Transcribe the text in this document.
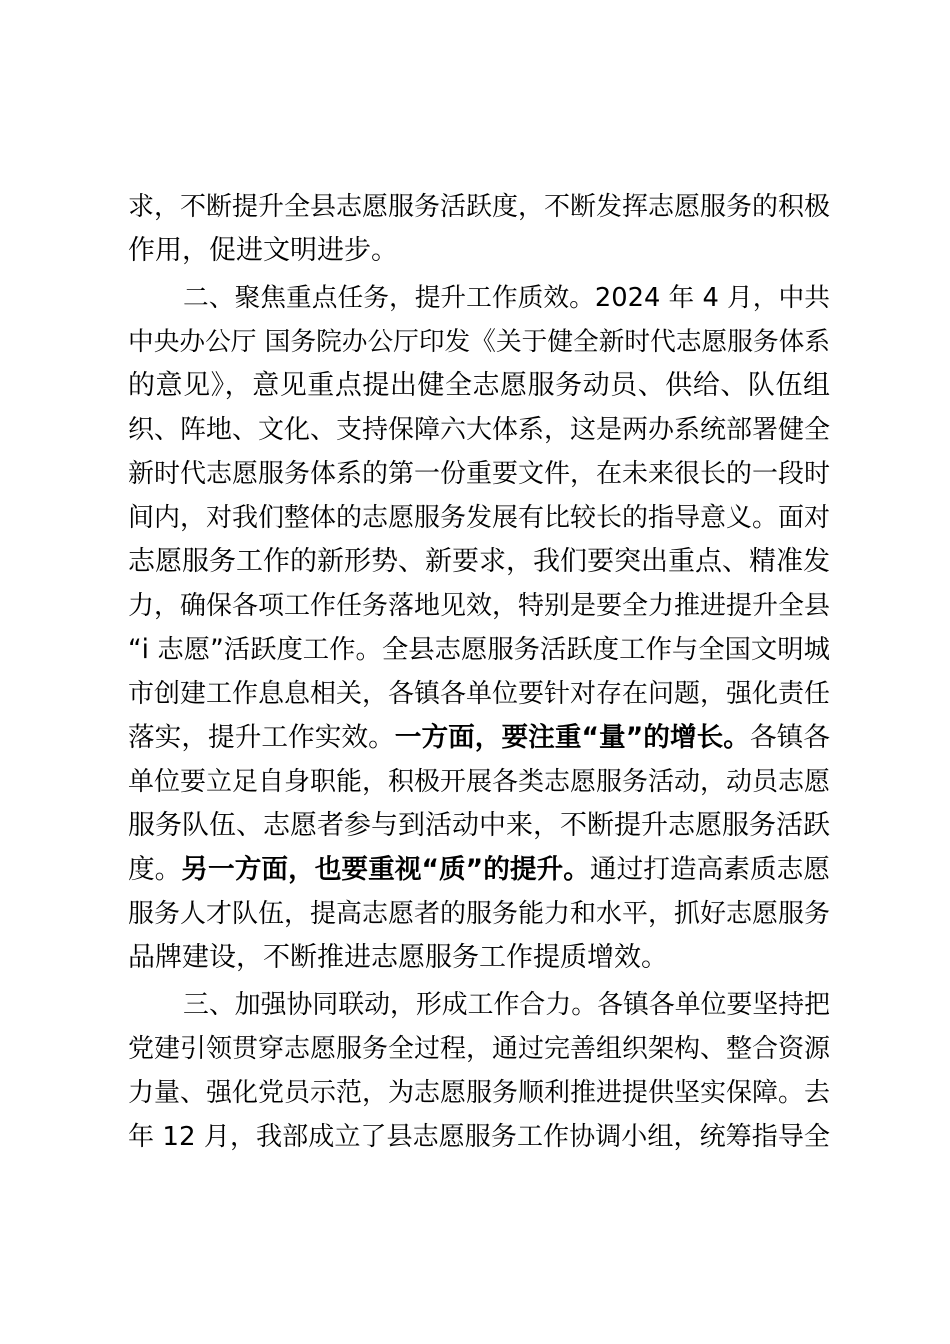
求，不断提升全县志愿服务活跃度，不断发挥志愿服务的积极
作用，促进文明进步。
二、聚焦重点任务，提升工作质效。2024 年 4 月，中共
中央办公厅 国务院办公厅印发《关于健全新时代志愿服务体系
的意见》，意见重点提出健全志愿服务动员、供给、队伍组
织、阵地、文化、支持保障六大体系，这是两办系统部署健全
新时代志愿服务体系的第一份重要文件，在未来很长的一段时
间内，对我们整体的志愿服务发展有比较长的指导意义。面对
志愿服务工作的新形势、新要求，我们要突出重点、精准发
力，确保各项工作任务落地见效，特别是要全力推进提升全县
“i 志愿”活跃度工作。全县志愿服务活跃度工作与全国文明城
市创建工作息息相关，各镇各单位要针对存在问题，强化责任
落实，提升工作实效。一方面，要注重“量”的增长。各镇各
单位要立足自身职能，积极开展各类志愿服务活动，动员志愿
服务队伍、志愿者参与到活动中来，不断提升志愿服务活跃
度。另一方面，也要重视“质”的提升。通过打造高素质志愿
服务人才队伍，提高志愿者的服务能力和水平，抓好志愿服务
品牌建设，不断推进志愿服务工作提质增效。
三、加强协同联动，形成工作合力。各镇各单位要坚持把
党建引领贯穿志愿服务全过程，通过完善组织架构、整合资源
力量、强化党员示范，为志愿服务顺利推进提供坚实保障。去
年 12 月，我部成立了县志愿服务工作协调小组，统筹指导全
